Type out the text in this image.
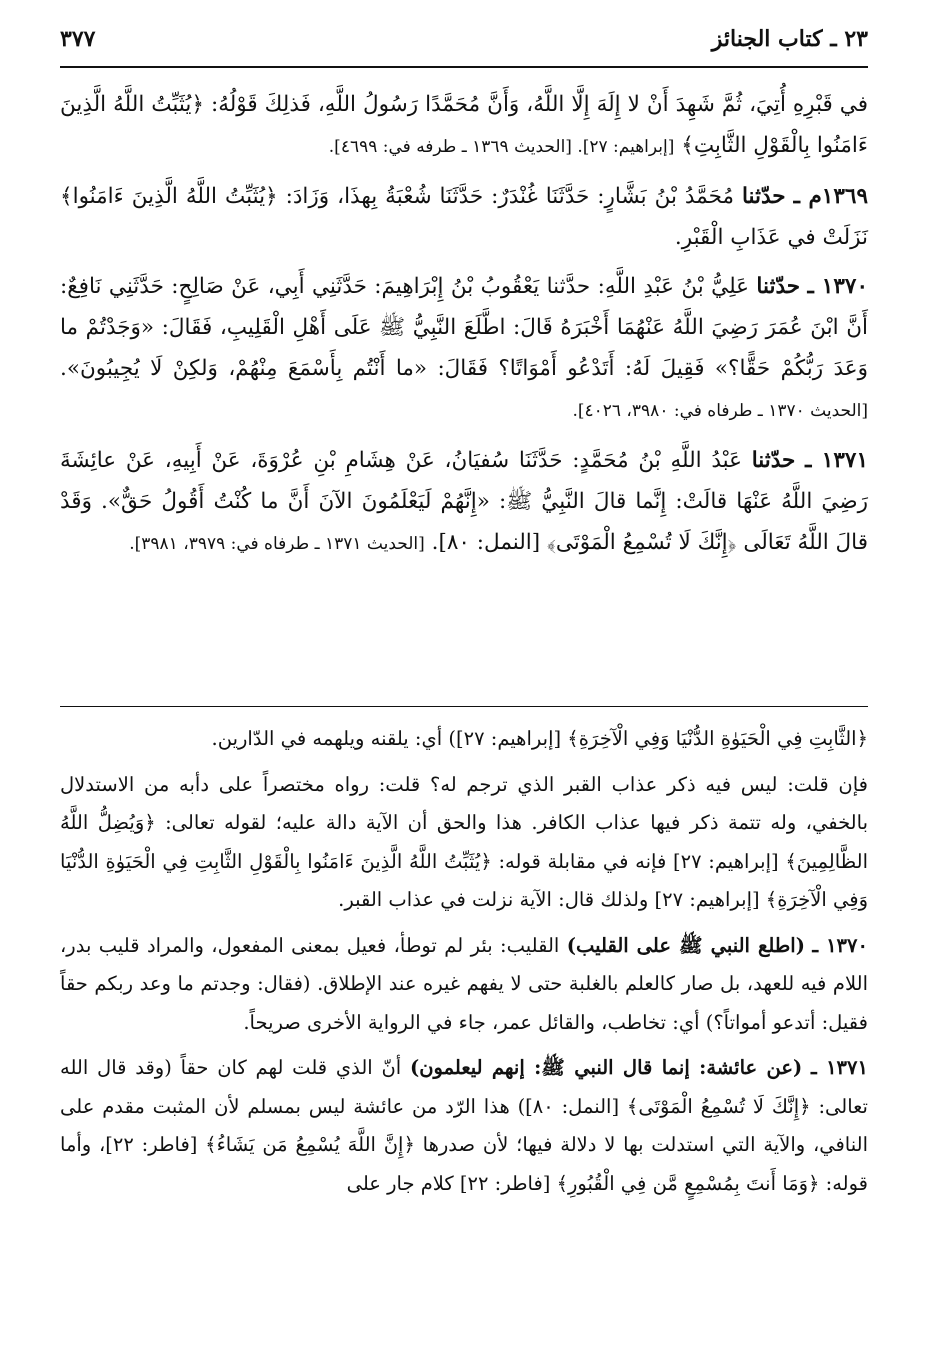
٢٣ ـ كتاب الجنائز
٣٧٧

في قَبْرِهِ أُتِيَ، ثُمَّ شَهِدَ أَنْ لا إِلَهَ إِلَّا اللَّهُ، وَأَنَّ مُحَمَّدًا رَسُولُ اللَّهِ، فَذلِكَ قَوْلُهُ: ﴿يُثَبِّتُ اللَّهُ الَّذِينَ ءَامَنُوا بِالْقَوْلِ الثَّابِتِ﴾ [إبراهيم: ٢٧]. [الحديث ١٣٦٩ ـ طرفه في: ٤٦٩٩].

١٣٦٩م ـ حدّثنا مُحَمَّدُ بْنُ بَشَّارٍ: حَدَّثَنَا غُنْدَرٌ: حَدَّثَنَا شُعْبَةُ بِهذَا، وَزَادَ: ﴿يُثَبِّتُ اللَّهُ الَّذِينَ ءَامَنُوا﴾ نَزَلَتْ في عَذَابِ الْقَبْرِ.

١٣٧٠ ـ حدّثنا عَلِيُّ بْنُ عَبْدِ اللَّهِ: حدَّثنا يَعْقُوبُ بْنُ إِبْرَاهِيمَ: حَدَّثَنِي أَبِي، عَنْ صَالِحٍ: حَدَّثَنِي نَافِعٌ: أَنَّ ابْنَ عُمَرَ رَضِيَ اللَّهُ عَنْهُمَا أَخْبَرَهُ قَالَ: اطَّلَعَ النَّبِيُّ ﷺ عَلَى أَهْلِ الْقَلِيبِ، فَقَالَ: «وَجَدْتُمْ ما وَعَدَ رَبُّكُمْ حَقًّا؟» فَقِيلَ لَهُ: أَتَدْعُو أَمْوَاتًا؟ فَقَالَ: «ما أَنْتُم بِأَسْمَعَ مِنْهُمْ، وَلكِنْ لَا يُجِيبُونَ». [الحديث ١٣٧٠ ـ طرفاه في: ٣٩٨٠، ٤٠٢٦].

١٣٧١ ـ حدّثنا عَبْدُ اللَّهِ بْنُ مُحَمَّدٍ: حَدَّثَنَا سُفيَانُ، عَنْ هِشَامِ بْنِ عُرْوَةَ، عَنْ أَبِيهِ، عَنْ عائِشَةَ رَضِيَ اللَّهُ عَنْهَا قالَتْ: إِنَّما قالَ النَّبِيُّ ﷺ: «إِنَّهُمْ لَيَعْلَمُونَ الآنَ أَنَّ ما كُنْتُ أَقُولُ حَقٌّ». وَقَدْ قالَ اللَّهُ تَعَالَى ﴿إِنَّكَ لَا تُسْمِعُ الْمَوْتَى﴾ [النمل: ٨٠]. [الحديث ١٣٧١ ـ طرفاه في: ٣٩٧٩، ٣٩٨١].

﴿الثَّابِتِ فِي الْحَيَوٰةِ الدُّنْيَا وَفِي الْآخِرَةِ﴾ [إبراهيم: ٢٧]) أي: يلقنه ويلهمه في الدّارين.

فإن قلت: ليس فيه ذكر عذاب القبر الذي ترجم له؟ قلت: رواه مختصراً على دأبه من الاستدلال بالخفي، وله تتمة ذكر فيها عذاب الكافر. هذا والحق أن الآية دالة عليه؛ لقوله تعالى: ﴿وَيُضِلُّ اللَّهُ الظَّالِمِينَ﴾ [إبراهيم: ٢٧] فإنه في مقابلة قوله: ﴿يُثَبِّتُ اللَّهُ الَّذِينَ ءَامَنُوا بِالْقَوْلِ الثَّابِتِ فِي الْحَيَوٰةِ الدُّنْيَا وَفِي الْآخِرَةِ﴾ [إبراهيم: ٢٧] ولذلك قال: الآية نزلت في عذاب القبر.

١٣٧٠ ـ (اطلع النبي ﷺ على القليب) القليب: بئر لم توطأ، فعيل بمعنى المفعول، والمراد قليب بدر، اللام فيه للعهد، بل صار كالعلم بالغلبة حتى لا يفهم غيره عند الإطلاق. (فقال: وجدتم ما وعد ربكم حقاً فقيل: أتدعو أمواتاً؟) أي: تخاطب، والقائل عمر، جاء في الرواية الأخرى صريحاً.

١٣٧١ ـ (عن عائشة: إنما قال النبي ﷺ: إنهم ليعلمون) أنّ الذي قلت لهم كان حقاً (وقد قال الله تعالى: ﴿إِنَّكَ لَا تُسْمِعُ الْمَوْتَى﴾ [النمل: ٨٠]) هذا الرّد من عائشة ليس بمسلم لأن المثبت مقدم على النافي، والآية التي استدلت بها لا دلالة فيها؛ لأن صدرها ﴿إِنَّ اللَّهَ يُسْمِعُ مَن يَشَاءُ﴾ [فاطر: ٢٢]، وأما قوله: ﴿وَمَا أَنتَ بِمُسْمِعٍ مَّن فِي الْقُبُورِ﴾ [فاطر: ٢٢] كلام جار على
